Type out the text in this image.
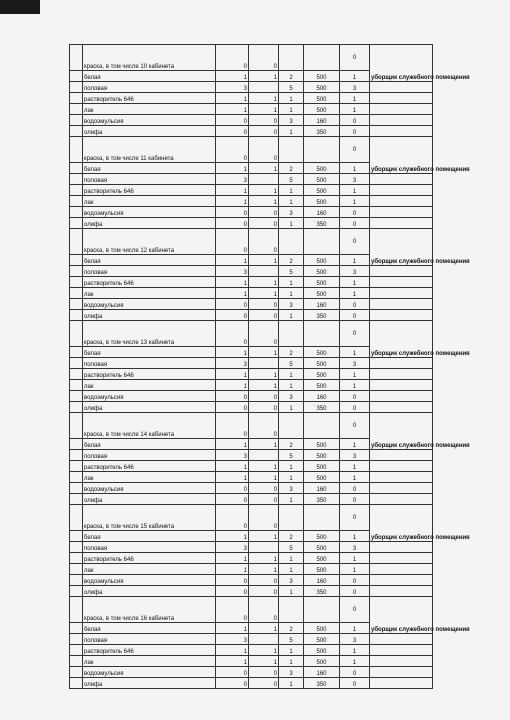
	краска, в том числе 10 кабинета	0	0			0	уборщик служебного помещения
	белая	1	1	2	500	1	
	половая	3		5	500	3	
	растворитель 646	1	1	1	500	1	
	лак	1	1	1	500	1	
	водоэмульсия	0	0	3	160	0	
	олифа	0	0	1	350	0	
	краска, в том числе 11 кабинета	0	0			0	уборщик служебного помещения
	белая	1	1	2	500	1	
	половая	3		5	500	3	
	растворитель 646	1	1	1	500	1	
	лак	1	1	1	500	1	
	водоэмульсия	0	0	3	160	0	
	олифа	0	0	1	350	0	
	краска, в том числе 12 кабинета	0	0			0	уборщик служебного помещения
	белая	1	1	2	500	1	
	половая	3		5	500	3	
	растворитель 646	1	1	1	500	1	
	лак	1	1	1	500	1	
	водоэмульсия	0	0	3	160	0	
	олифа	0	0	1	350	0	
	краска, в том числе 13 кабинета	0	0			0	уборщик служебного помещения
	белая	1	1	2	500	1	
	половая	3		5	500	3	
	растворитель 646	1	1	1	500	1	
	лак	1	1	1	500	1	
	водоэмульсия	0	0	3	160	0	
	олифа	0	0	1	350	0	
	краска, в том числе 14 кабинета	0	0			0	уборщик служебного помещения
	белая	1	1	2	500	1	
	половая	3		5	500	3	
	растворитель 646	1	1	1	500	1	
	лак	1	1	1	500	1	
	водоэмульсия	0	0	3	160	0	
	олифа	0	0	1	350	0	
	краска, в том числе 15 кабинета	0	0			0	уборщик служебного помещения
	белая	1	1	2	500	1	
	половая	3		5	500	3	
	растворитель 646	1	1	1	500	1	
	лак	1	1	1	500	1	
	водоэмульсия	0	0	3	160	0	
	олифа	0	0	1	350	0	
	краска, в том числе 16 кабинета	0	0			0	уборщик служебного помещения
	белая	1	1	2	500	1	
	половая	3		5	500	3	
	растворитель 646	1	1	1	500	1	
	лак	1	1	1	500	1	
	водоэмульсия	0	0	3	160	0	
	олифа	0	0	1	350	0	
